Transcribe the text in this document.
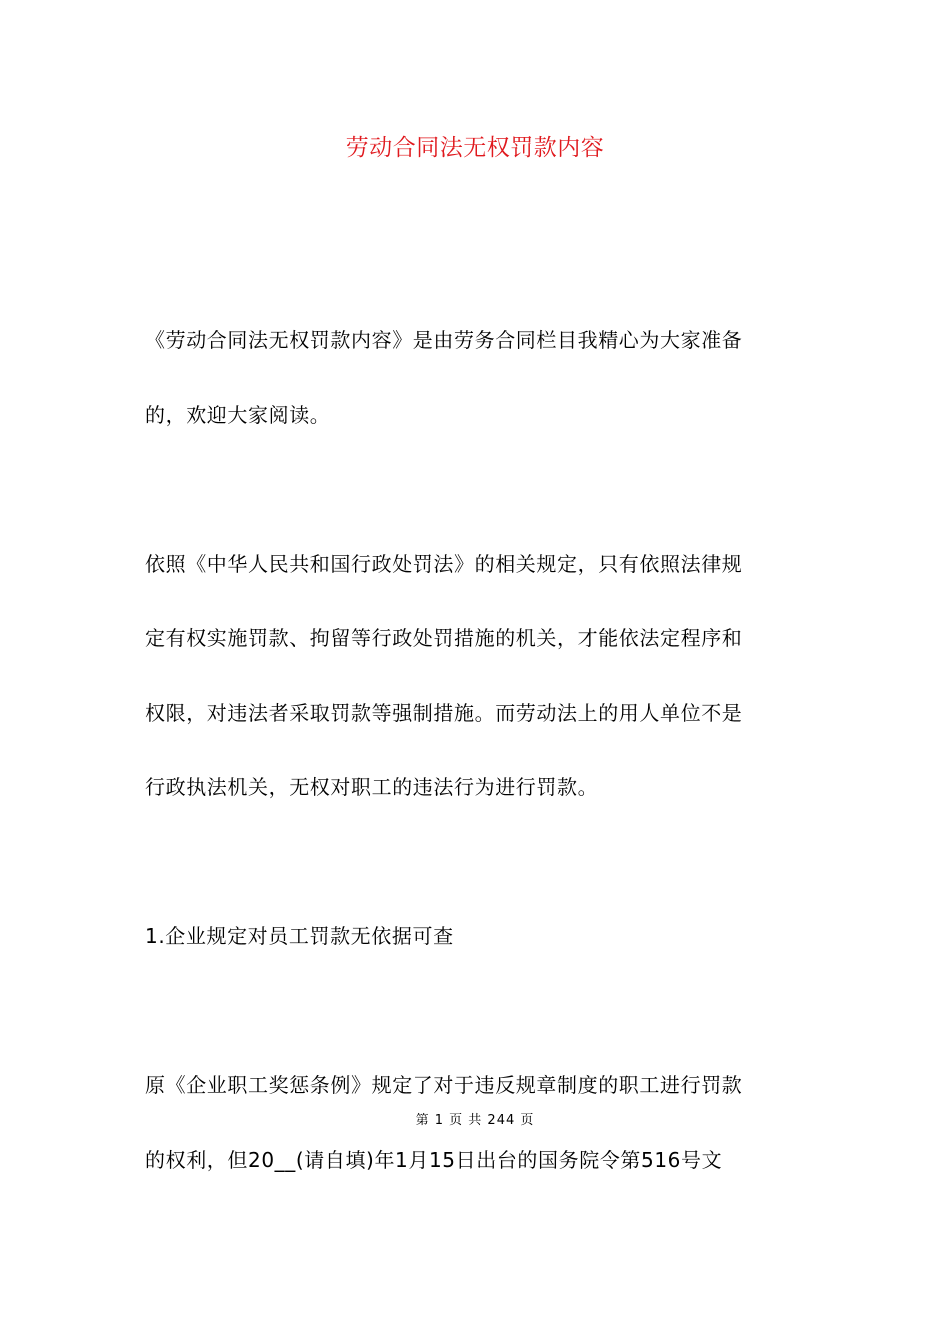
劳动合同法无权罚款内容
《劳动合同法无权罚款内容》是由劳务合同栏目我精心为大家准备
的，欢迎大家阅读。
依照《中华人民共和国行政处罚法》的相关规定，只有依照法律规
定有权实施罚款、拘留等行政处罚措施的机关，才能依法定程序和
权限，对违法者采取罚款等强制措施。而劳动法上的用人单位不是
行政执法机关，无权对职工的违法行为进行罚款。
1.企业规定对员工罚款无依据可查
原《企业职工奖惩条例》规定了对于违反规章制度的职工进行罚款
第 1 页 共 244 页
的权利，但20__(请自填)年1月15日出台的国务院令第516号文
